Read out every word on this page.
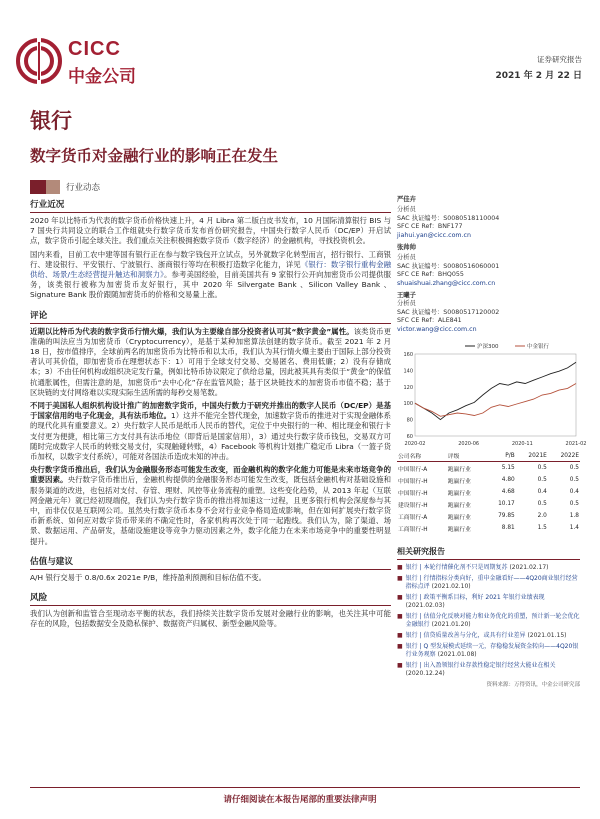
CICC
中金公司
证券研究报告
2021 年 2 月 22 日
银行
数字货币对金融行业的影响正在发生
行业动态
行业近况

2020 年以比特币为代表的数字货币价格快速上升，4 月 Libra 第二版白皮书发布，10 月国际清算银行 BIS 与 7 国央行共同设立的联合工作组就央行数字货币发布首份研究报告，中国央行数字人民币（DC/EP）开启试点，数字货币引起全球关注。我们重点关注积极拥抱数字货币（数字经济）的金融机构，寻找投资机会。

国内来看，目前工农中建等国有银行正在参与数字钱包开立试点，另外就数字化转型而言，招行银行、工商银行、建设银行、平安银行、宁波银行、浙商银行等均在积极打造数字化能力，详见《银行：数字银行重构金融供给、场景/生态经营提升触达和洞察力》。参考美国经验，目前美国共有 9 家银行公开向加密货币公司提供服务，该类银行被称为加密货币友好银行，其中 2020 年 Silvergate Bank 、Silicon Valley Bank 、Signature Bank 股价跟随加密货币的价格和交易量上涨。

评论

近期以比特币为代表的数字货币行情火爆，我们认为主要缘自部分投资者认可其“数字黄金”属性。该类货币更准确的叫法应当为加密货币（Cryptocurrency），是基于某种加密算法创建的数字货币。截至 2021 年 2 月 18 日，按市值排序，全球前两名的加密货币为比特币和以太币，我们认为其行情火爆主要由于国际上部分投资者认可其价值，即加密货币在理想状态下：1）可用于全球支付交易、交易匿名、费用低廉；2）没有存储成本；3）不由任何机构或组织决定发行量，例如比特币协议限定了供给总量，因此被其具有类似于“黄金”的保值抗通胀属性，但需注意的是，加密货币“去中心化”存在监管风险；基于区块链技术的加密货币市值不稳；基于区块链的支付网络难以实现实际生活所需的每秒交易笔数。

不同于美国私人组织机构设计推广的加密数字货币，中国央行数力于研究并推出的数字人民币（DC/EP）是基于国家信用的电子化现金，具有法币地位。1）这并不能完全替代现金，加速数字货币的推进对于实现金融体系的现代化具有重要意义。2）央行数字人民币是纸币人民币的替代，定位于中央银行的一种、相比现金和银行卡支付更为便捷，相比第三方支付具有法币地位（即背后是国家信用），3）通过央行数字货币钱包，交易双方可随时完成数字人民币的转账交易支付，实现触碰转账，4）Facebook 等机构计划推广稳定币 Libra（一篮子货币加权，以数字支付系统），可能对各国法币造成未知的冲击。

央行数字货币推出后，我们认为金融服务形态可能发生改变，而金融机构的数字化能力可能是未来市场竞争的重要因素。央行数字货币推出后，金融机构提供的金融服务形态可能发生改变，既包括金融机构对基础设施和服务渠道的改进，也包括对支付、存管、理财、风控等业务流程的重塑。这些变化趋势，从 2013 年起（互联网金融元年）就已经初现端倪，我们认为央行数字货币的推出将加速这一过程，且更多银行机构会深度参与其中，而非仅仅是互联网公司。虽然央行数字货币本身不会对行业竞争格局造成影响，但在如何扩展央行数字货币新系统、如何应对数字货币带来的不确定性时，各家机构再次处于同一起跑线。我们认为，除了渠道、场景、数据运用、产品研发，基础设施建设等竞争力驱动因素之外，数字化能力在未来市场竞争中的重要性明显提升。

估值与建议

A/H 银行交易于 0.8/0.6x 2021e P/B，维持盈利预测和目标估值不变。

风险

我们认为创新和监管合至现动态平衡的状态，我们持续关注数字货币发展对金融行业的影响，也关注其中可能存在的风险，包括数据安全及隐私保护、数据资产归属权、新型金融风险等。

严佳卉
分析员
SAC 执证编号：S0080518110004
SFC CE Ref：BNF177
jiahui.yan@cicc.com.cn
张帅帅
分析员
SAC 执证编号：S0080516060001
SFC CE Ref：BHQ055
shuaishuai.zhang@cicc.com.cn
王曦子
分析员
SAC 执证编号：S0080517120002
SFC CE Ref：ALE841
victor.wang@cicc.com.cn
60
80
100
120
140
160
2020-02	2020-06	2020-11	2021-02
沪深300	中金银行
公司名称	评级	P/B	2021E	2022E
中国银行-A	跑赢行业	5.15	0.5	0.5
中国银行-H	跑赢行业	4.80	0.5	0.5
中国银行-H	跑赢行业	4.68	0.4	0.4
建设银行-H	跑赢行业	10.17	0.5	0.5
工商银行-A	跑赢行业	79.85	2.0	1.8
工商银行-H	跑赢行业	8.81	1.5	1.4
相关研究报告
■ 银行 | 本轮行情催化剂不只是周期复苏 (2021.02.17)
■ 银行 | 行情指标分类向好，重申金融看好——4Q20商业银行经营指标点评 (2021.02.10)
■ 银行 | 政策平衡系目标，利好 2021 年银行业绩表现 (2021.02.03)
■ 银行 | 估值分化反映对能力和业务优化的重塑，预计新一轮会优化金融银行 (2021.01.20)
■ 银行 | 信贷质量改善与分化，或具有行业差异 (2021.01.15)
■ 银行 | Q 型发展模式延续一元，存稳稳发展资金转向——4Q20银行业务观察 (2021.01.08)
■ 银行 | 出入盈领银行业存款性稳定银行经营大能业在相关 (2020.12.24)
资料来源：万得资讯，中金公司研究部
请仔细阅读在本报告尾部的重要法律声明
